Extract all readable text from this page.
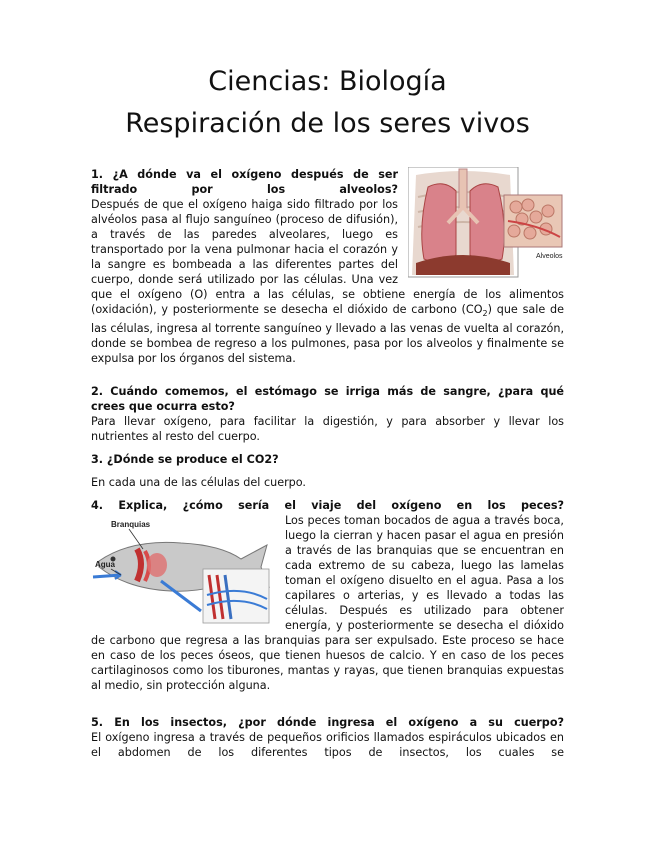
Ciencias: Biología
Respiración de los seres vivos
Alveolos
1. ¿A dónde va el oxígeno después de ser filtrado por los alveolos?
Después de que el oxígeno haiga sido filtrado por los alvéolos pasa al flujo sanguíneo (proceso de difusión), a través de las paredes alveolares, luego es transportado por la vena pulmonar hacia el corazón y la sangre es bombeada a las diferentes partes del cuerpo, donde será utilizado por las células. Una vez que el oxígeno (O) entra a las células, se obtiene energía de los alimentos (oxidación), y posteriormente se desecha el dióxido de carbono $(CO_2)$ que sale de las células, ingresa al torrente sanguíneo y llevado a las venas de vuelta al corazón, donde se bombea de regreso a los pulmones, pasa por los alveolos y finalmente se expulsa por los órganos del sistema.
2. Cuándo comemos, el estómago se irriga más de sangre, ¿para qué crees que ocurra esto?
Para llevar oxígeno, para facilitar la digestión, y para absorber y llevar los nutrientes al resto del cuerpo.
3. ¿Dónde se produce el CO2?
En cada una de las células del cuerpo.
4. Explica, ¿cómo sería el viaje del oxígeno en los peces?
Branquias
Agua
Los peces toman bocados de agua a través boca, luego la cierran y hacen pasar el agua en presión a través de las branquias que se encuentran en cada extremo de su cabeza, luego las lamelas toman el oxígeno disuelto en el agua. Pasa a los capilares o arterias, y es llevado a todas las células. Después es utilizado para obtener energía, y posteriormente se desecha el dióxido de carbono que regresa a las branquias para ser expulsado. Este proceso se hace en caso de los peces óseos, que tienen huesos de calcio. Y en caso de los peces cartilaginosos como los tiburones, mantas y rayas, que tienen branquias expuestas al medio, sin protección alguna.
5. En los insectos, ¿por dónde ingresa el oxígeno a su cuerpo?
El oxígeno ingresa a través de pequeños orificios llamados espiráculos ubicados en el abdomen de los diferentes tipos de insectos, los cuales se
